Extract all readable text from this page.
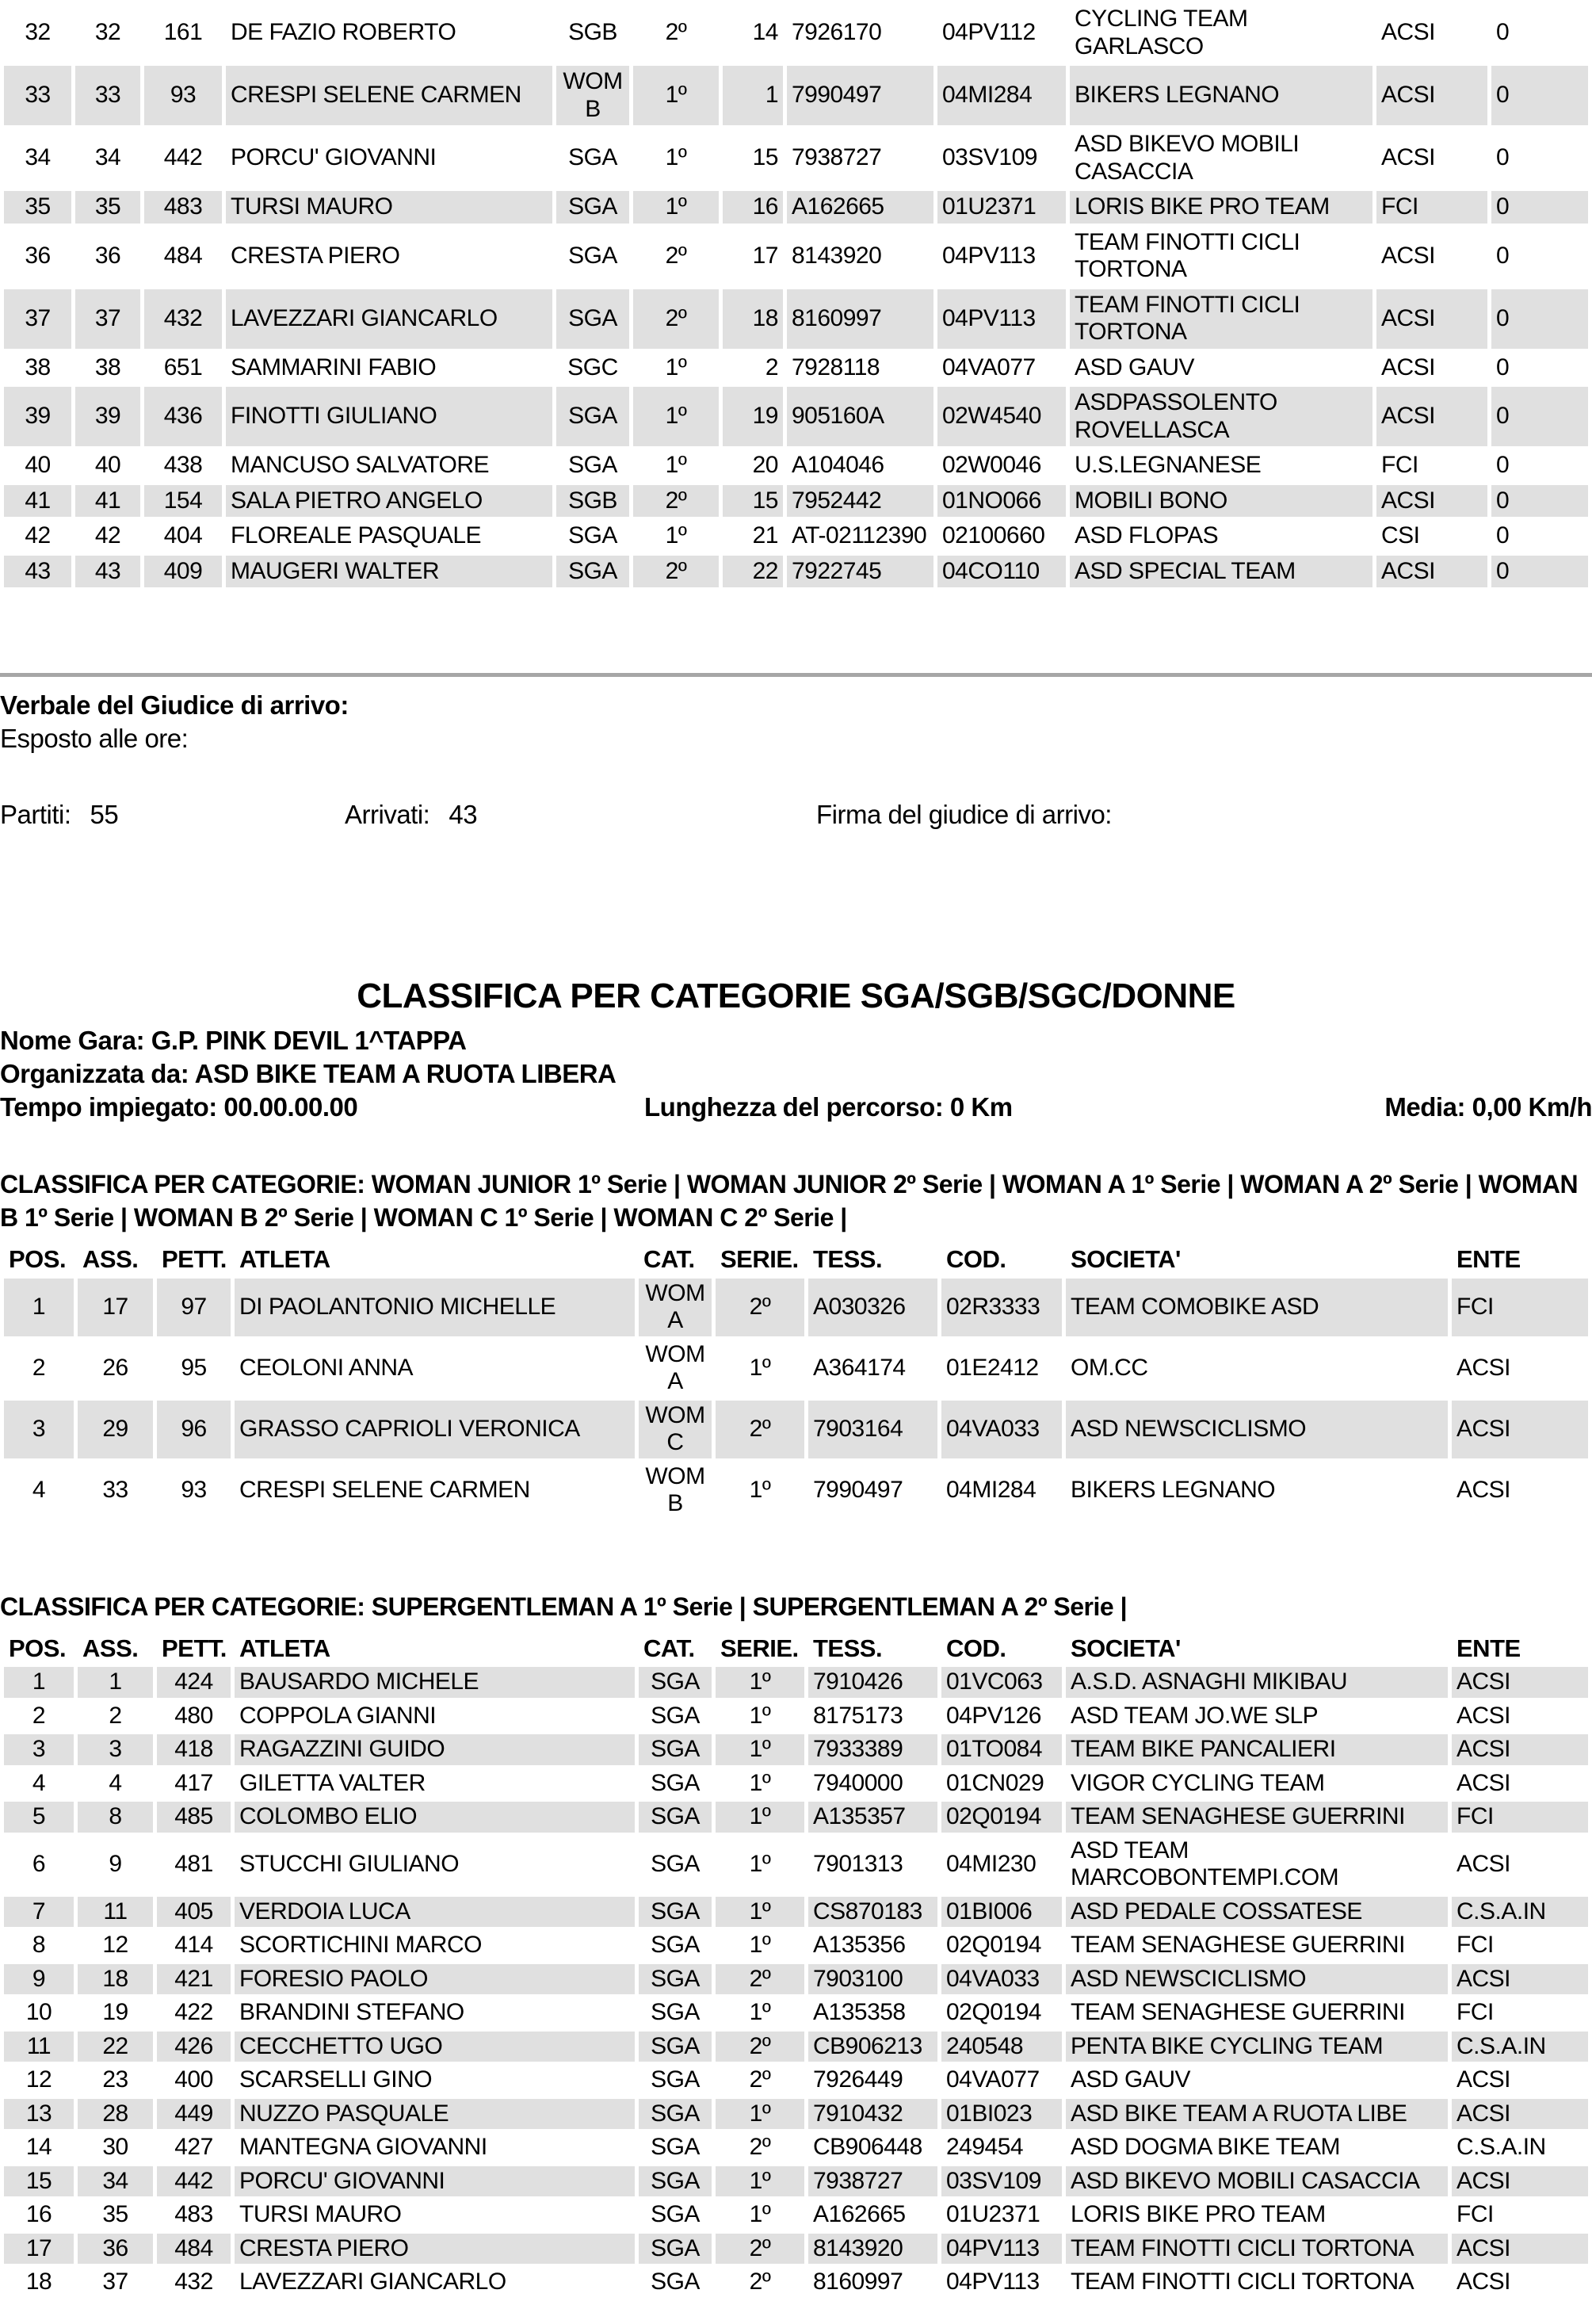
32	32	161	DE FAZIO ROBERTO	SGB	2º	14	7926170	04PV112	CYCLING TEAM GARLASCO	ACSI	0
33	33	93	CRESPI SELENE CARMEN	WOM B	1º	1	7990497	04MI284	BIKERS LEGNANO	ACSI	0
34	34	442	PORCU' GIOVANNI	SGA	1º	15	7938727	03SV109	ASD BIKEVO MOBILI CASACCIA	ACSI	0
35	35	483	TURSI MAURO	SGA	1º	16	A162665	01U2371	LORIS BIKE PRO TEAM	FCI	0
36	36	484	CRESTA PIERO	SGA	2º	17	8143920	04PV113	TEAM FINOTTI CICLI TORTONA	ACSI	0
37	37	432	LAVEZZARI GIANCARLO	SGA	2º	18	8160997	04PV113	TEAM FINOTTI CICLI TORTONA	ACSI	0
38	38	651	SAMMARINI FABIO	SGC	1º	2	7928118	04VA077	ASD GAUV	ACSI	0
39	39	436	FINOTTI GIULIANO	SGA	1º	19	905160A	02W4540	ASDPASSOLENTO ROVELLASCA	ACSI	0
40	40	438	MANCUSO SALVATORE	SGA	1º	20	A104046	02W0046	U.S.LEGNANESE	FCI	0
41	41	154	SALA PIETRO ANGELO	SGB	2º	15	7952442	01NO066	MOBILI BONO	ACSI	0
42	42	404	FLOREALE PASQUALE	SGA	1º	21	AT-02112390	02100660	ASD FLOPAS	CSI	0
43	43	409	MAUGERI WALTER	SGA	2º	22	7922745	04CO110	ASD SPECIAL TEAM	ACSI	0

Verbale del Giudice di arrivo:

Esposto alle ore:

Partiti: 55	Arrivati: 43	Firma del giudice di arrivo:
CLASSIFICA PER CATEGORIE SGA/SGB/SGC/DONNE

Nome Gara: G.P. PINK DEVIL 1^TAPPA

Organizzata da: ASD BIKE TEAM A RUOTA LIBERA

Tempo impiegato: 00.00.00.00	Lunghezza del percorso: 0 Km	Media: 0,00 Km/h

CLASSIFICA PER CATEGORIE: WOMAN JUNIOR 1º Serie | WOMAN JUNIOR 2º Serie | WOMAN A 1º Serie | WOMAN A 2º Serie | WOMAN B 1º Serie | WOMAN B 2º Serie | WOMAN C 1º Serie | WOMAN C 2º Serie |

POS.	ASS.	PETT.	ATLETA	CAT.	SERIE.	TESS.	COD.	SOCIETA'	ENTE
1	17	97	DI PAOLANTONIO MICHELLE	WOM A	2º	A030326	02R3333	TEAM COMOBIKE ASD	FCI
2	26	95	CEOLONI ANNA	WOM A	1º	A364174	01E2412	OM.CC	ACSI
3	29	96	GRASSO CAPRIOLI VERONICA	WOM C	2º	7903164	04VA033	ASD NEWSCICLISMO	ACSI
4	33	93	CRESPI SELENE CARMEN	WOM B	1º	7990497	04MI284	BIKERS LEGNANO	ACSI

CLASSIFICA PER CATEGORIE: SUPERGENTLEMAN A 1º Serie | SUPERGENTLEMAN A 2º Serie |

POS.	ASS.	PETT.	ATLETA	CAT.	SERIE.	TESS.	COD.	SOCIETA'	ENTE
1	1	424	BAUSARDO MICHELE	SGA	1º	7910426	01VC063	A.S.D. ASNAGHI MIKIBAU	ACSI
2	2	480	COPPOLA GIANNI	SGA	1º	8175173	04PV126	ASD TEAM JO.WE SLP	ACSI
3	3	418	RAGAZZINI GUIDO	SGA	1º	7933389	01TO084	TEAM BIKE PANCALIERI	ACSI
4	4	417	GILETTA VALTER	SGA	1º	7940000	01CN029	VIGOR CYCLING TEAM	ACSI
5	8	485	COLOMBO ELIO	SGA	1º	A135357	02Q0194	TEAM SENAGHESE GUERRINI	FCI
6	9	481	STUCCHI GIULIANO	SGA	1º	7901313	04MI230	ASD TEAM MARCOBONTEMPI.COM	ACSI
7	11	405	VERDOIA LUCA	SGA	1º	CS870183	01BI006	ASD PEDALE COSSATESE	C.S.A.IN
8	12	414	SCORTICHINI MARCO	SGA	1º	A135356	02Q0194	TEAM SENAGHESE GUERRINI	FCI
9	18	421	FORESIO PAOLO	SGA	2º	7903100	04VA033	ASD NEWSCICLISMO	ACSI
10	19	422	BRANDINI STEFANO	SGA	1º	A135358	02Q0194	TEAM SENAGHESE GUERRINI	FCI
11	22	426	CECCHETTO UGO	SGA	2º	CB906213	240548	PENTA BIKE CYCLING TEAM	C.S.A.IN
12	23	400	SCARSELLI GINO	SGA	2º	7926449	04VA077	ASD GAUV	ACSI
13	28	449	NUZZO PASQUALE	SGA	1º	7910432	01BI023	ASD BIKE TEAM A RUOTA LIBE	ACSI
14	30	427	MANTEGNA GIOVANNI	SGA	2º	CB906448	249454	ASD DOGMA BIKE TEAM	C.S.A.IN
15	34	442	PORCU' GIOVANNI	SGA	1º	7938727	03SV109	ASD BIKEVO MOBILI CASACCIA	ACSI
16	35	483	TURSI MAURO	SGA	1º	A162665	01U2371	LORIS BIKE PRO TEAM	FCI
17	36	484	CRESTA PIERO	SGA	2º	8143920	04PV113	TEAM FINOTTI CICLI TORTONA	ACSI
18	37	432	LAVEZZARI GIANCARLO	SGA	2º	8160997	04PV113	TEAM FINOTTI CICLI TORTONA	ACSI
